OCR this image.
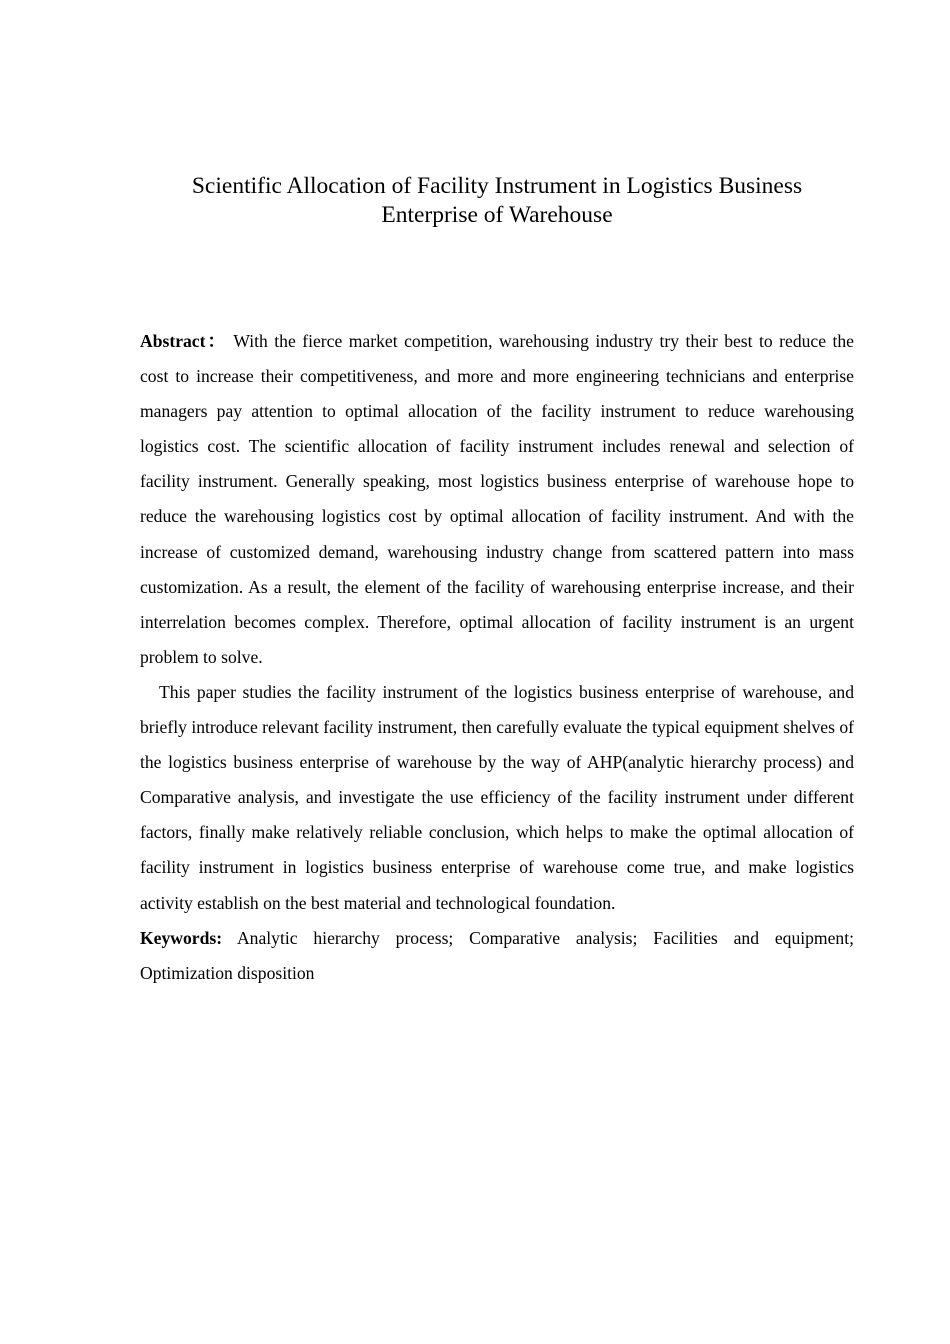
Scientific Allocation of Facility Instrument in Logistics Business
Enterprise of Warehouse

Abstract： With the fierce market competition, warehousing industry try their best to reduce the cost to increase their competitiveness, and more and more engineering technicians and enterprise managers pay attention to optimal allocation of the facility instrument to reduce warehousing logistics cost. The scientific allocation of facility instrument includes renewal and selection of facility instrument. Generally speaking, most logistics business enterprise of warehouse hope to reduce the warehousing logistics cost by optimal allocation of facility instrument. And with the increase of customized demand, warehousing industry change from scattered pattern into mass customization. As a result, the element of the facility of warehousing enterprise increase, and their interrelation becomes complex. Therefore, optimal allocation of facility instrument is an urgent problem to solve.

This paper studies the facility instrument of the logistics business enterprise of warehouse, and briefly introduce relevant facility instrument, then carefully evaluate the typical equipment shelves of the logistics business enterprise of warehouse by the way of AHP(analytic hierarchy process) and Comparative analysis, and investigate the use efficiency of the facility instrument under different factors, finally make relatively reliable conclusion, which helps to make the optimal allocation of facility instrument in logistics business enterprise of warehouse come true, and make logistics activity establish on the best material and technological foundation.

Keywords: Analytic hierarchy process; Comparative analysis; Facilities and equipment; Optimization disposition
